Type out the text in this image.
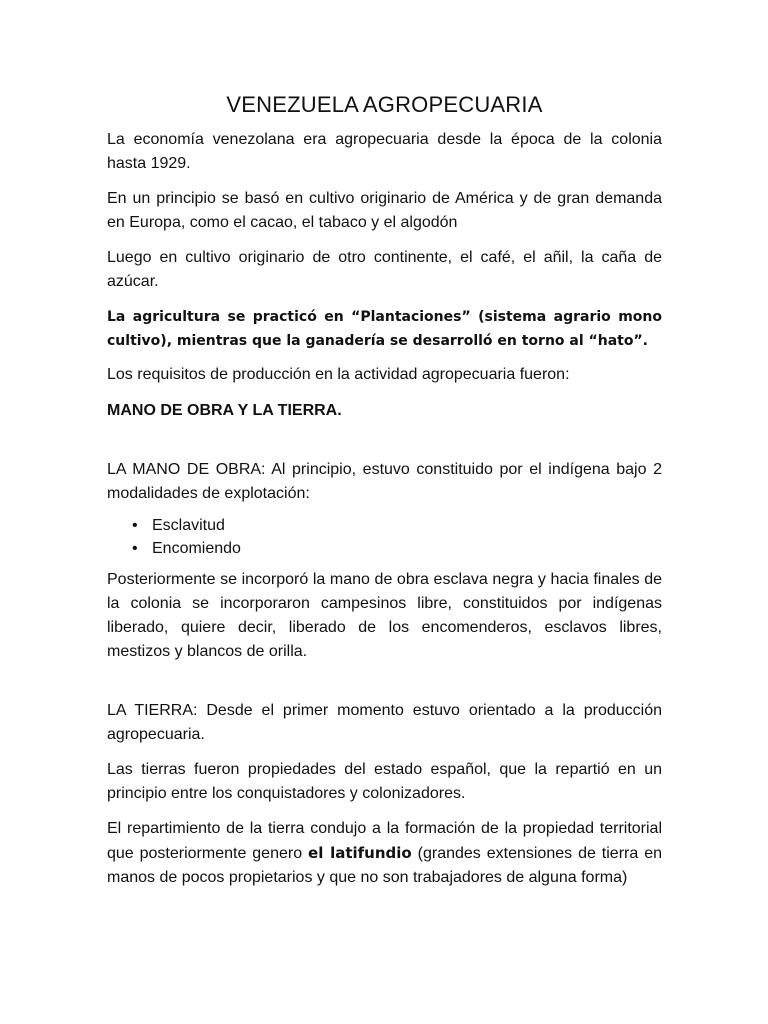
VENEZUELA AGROPECUARIA

La economía venezolana era agropecuaria desde la época de la colonia hasta 1929.

En un principio se basó en cultivo originario de América y de gran demanda en Europa, como el cacao, el tabaco y el algodón

Luego en cultivo originario de otro continente, el café, el añil, la caña de azúcar.

La agricultura se practicó en “Plantaciones” (sistema agrario mono cultivo), mientras que la ganadería se desarrolló en torno al “hato”.

Los requisitos de producción en la actividad agropecuaria fueron:

MANO DE OBRA Y LA TIERRA.

LA MANO DE OBRA: Al principio, estuvo constituido por el indígena bajo 2 modalidades de explotación:

• Esclavitud
• Encomiendo

Posteriormente se incorporó la mano de obra esclava negra y hacia finales de la colonia se incorporaron campesinos libre, constituidos por indígenas liberado, quiere decir, liberado de los encomenderos, esclavos libres, mestizos y blancos de orilla.

LA TIERRA: Desde el primer momento estuvo orientado a la producción agropecuaria.

Las tierras fueron propiedades del estado español, que la repartió en un principio entre los conquistadores y colonizadores.

El repartimiento de la tierra condujo a la formación de la propiedad territorial que posteriormente genero el latifundio (grandes extensiones de tierra en manos de pocos propietarios y que no son trabajadores de alguna forma)
